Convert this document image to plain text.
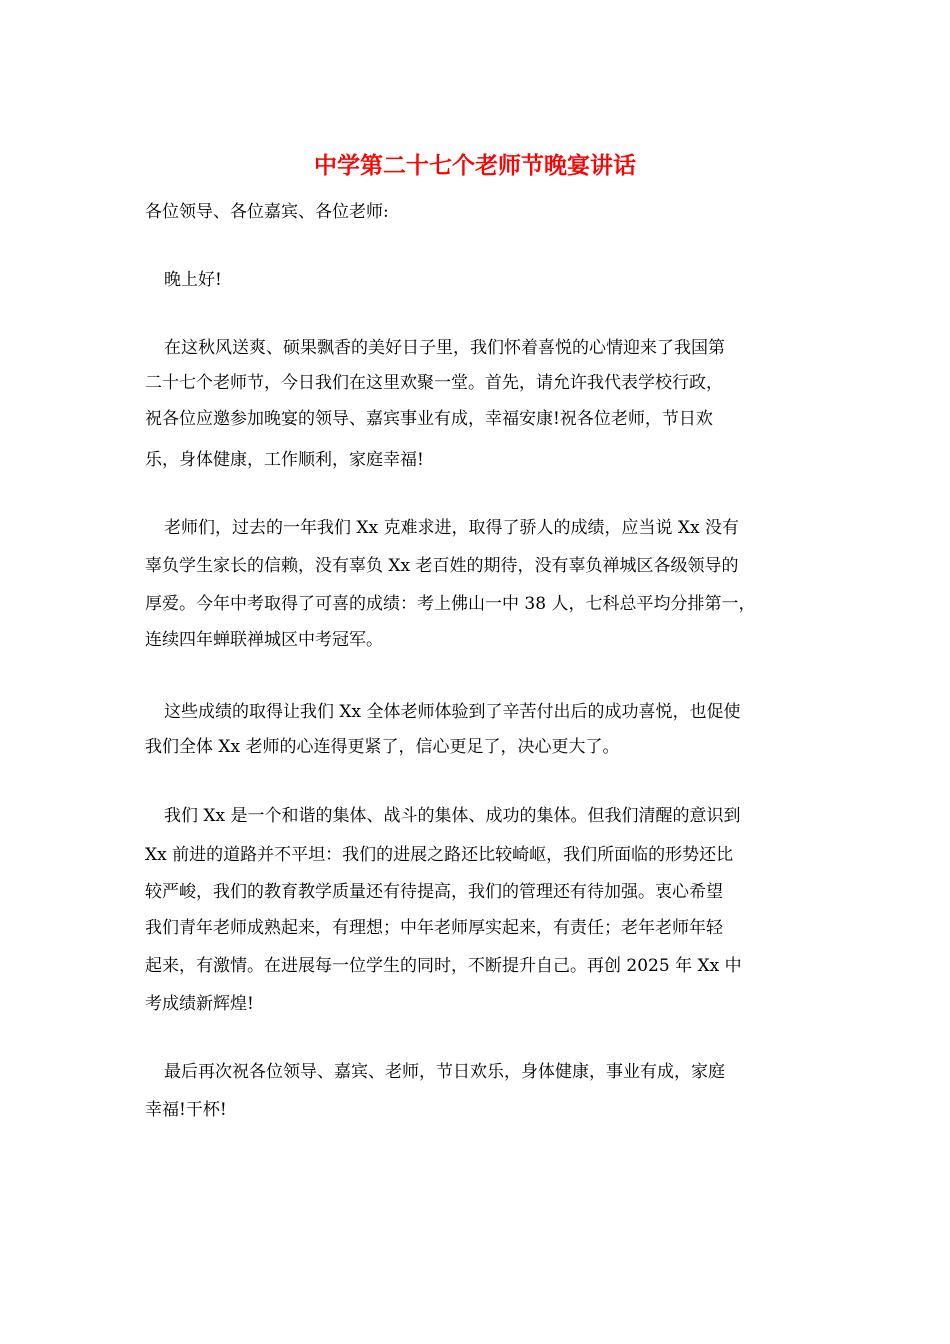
中学第二十七个老师节晚宴讲话

各位领导、各位嘉宾、各位老师:

晚上好!

在这秋风送爽、硕果飘香的美好日子里，我们怀着喜悦的心情迎来了我国第

二十七个老师节，今日我们在这里欢聚一堂。首先，请允许我代表学校行政，

祝各位应邀参加晚宴的领导、嘉宾事业有成，幸福安康!祝各位老师，节日欢

乐，身体健康，工作顺利，家庭幸福!

老师们，过去的一年我们 Xx 克难求进，取得了骄人的成绩，应当说 Xx 没有

辜负学生家长的信赖，没有辜负 Xx 老百姓的期待，没有辜负禅城区各级领导的

厚爱。今年中考取得了可喜的成绩：考上佛山一中 38 人，七科总平均分排第一，

连续四年蝉联禅城区中考冠军。

这些成绩的取得让我们 Xx 全体老师体验到了辛苦付出后的成功喜悦，也促使

我们全体 Xx 老师的心连得更紧了，信心更足了，决心更大了。

我们 Xx 是一个和谐的集体、战斗的集体、成功的集体。但我们清醒的意识到

Xx 前进的道路并不平坦：我们的进展之路还比较崎岖，我们所面临的形势还比

较严峻，我们的教育教学质量还有待提高，我们的管理还有待加强。衷心希望

我们青年老师成熟起来，有理想；中年老师厚实起来，有责任；老年老师年轻

起来，有激情。在进展每一位学生的同时，不断提升自己。再创 2025 年 Xx 中

考成绩新辉煌!

最后再次祝各位领导、嘉宾、老师，节日欢乐，身体健康，事业有成，家庭

幸福!干杯!
